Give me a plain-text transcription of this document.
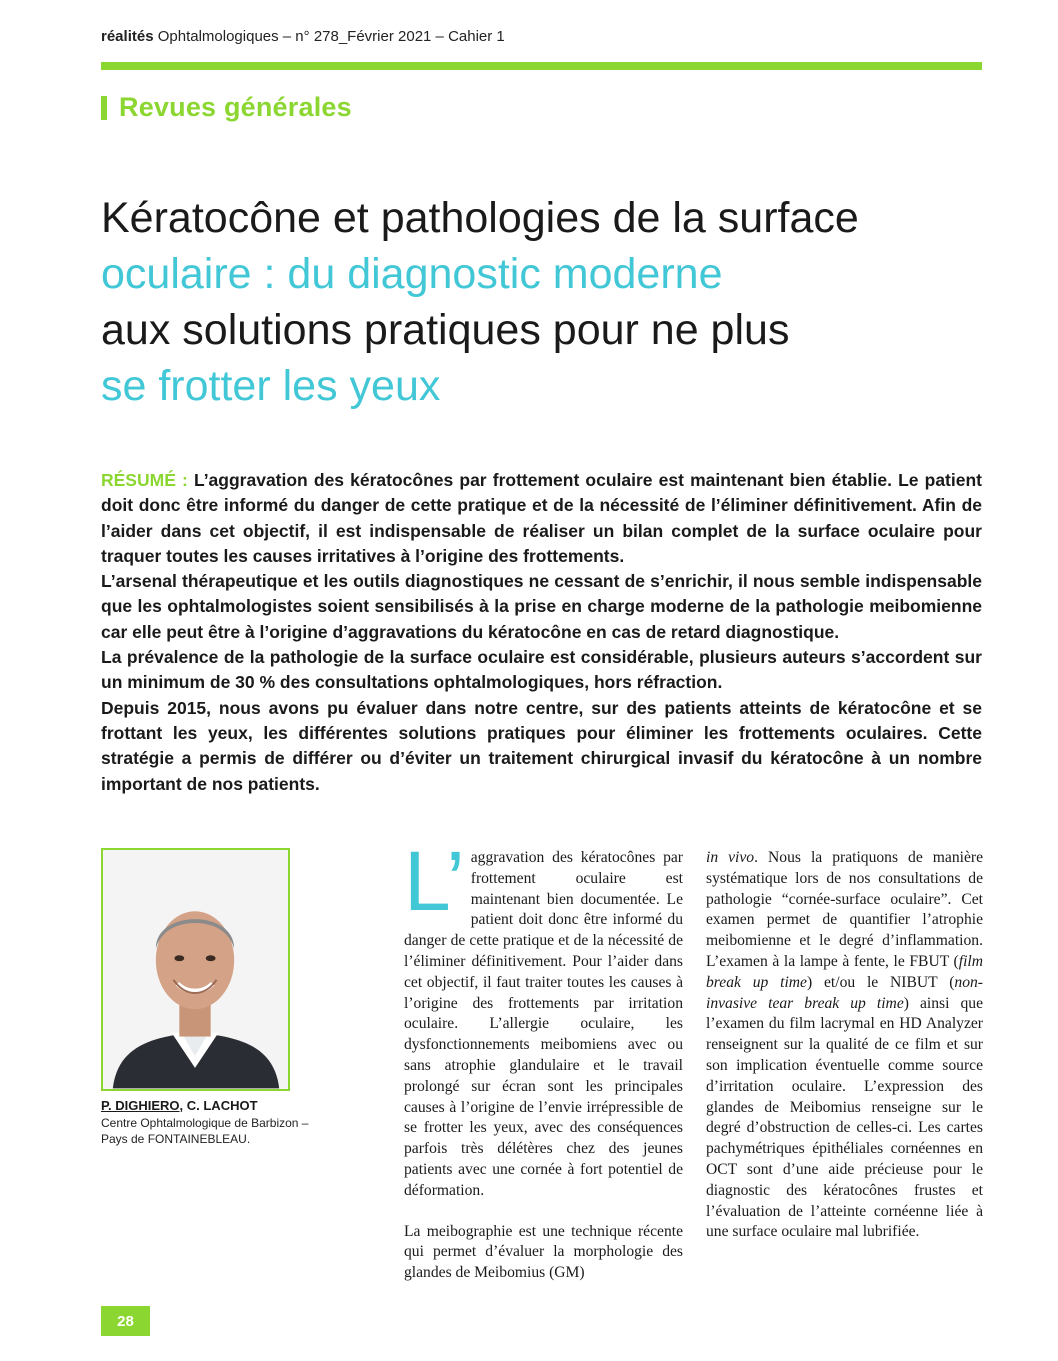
réalités Ophtalmologiques – n° 278_Février 2021 – Cahier 1
Revues générales
Kératocône et pathologies de la surface
oculaire : du diagnostic moderne
aux solutions pratiques pour ne plus
se frotter les yeux

RÉSUMÉ : L’aggravation des kératocônes par frottement oculaire est maintenant bien établie. Le patient doit donc être informé du danger de cette pratique et de la nécessité de l’éliminer définitivement. Afin de l’aider dans cet objectif, il est indispensable de réaliser un bilan complet de la surface oculaire pour traquer toutes les causes irritatives à l’origine des frottements.

L’arsenal thérapeutique et les outils diagnostiques ne cessant de s’enrichir, il nous semble indispensable que les ophtalmologistes soient sensibilisés à la prise en charge moderne de la pathologie meibomienne car elle peut être à l’origine d’aggravations du kératocône en cas de retard diagnostique.

La prévalence de la pathologie de la surface oculaire est considérable, plusieurs auteurs s’accordent sur un minimum de 30 % des consultations ophtalmologiques, hors réfraction.

Depuis 2015, nous avons pu évaluer dans notre centre, sur des patients atteints de kératocône et se frottant les yeux, les différentes solutions pratiques pour éliminer les frottements oculaires. Cette stratégie a permis de différer ou d’éviter un traitement chirurgical invasif du kératocône à un nombre important de nos patients.

P. DIGHIERO, C. LACHOT
Centre Ophtalmologique de Barbizon – Pays de FONTAINEBLEAU.

L’ aggravation des kératocônes par frottement oculaire est maintenant bien documentée. Le patient doit donc être informé du danger de cette pratique et de la nécessité de l’éliminer définitivement. Pour l’aider dans cet objectif, il faut traiter toutes les causes à l’origine des frottements par irritation oculaire. L’allergie oculaire, les dysfonctionnements meibomiens avec ou sans atrophie glandulaire et le travail prolongé sur écran sont les principales causes à l’origine de l’envie irrépressible de se frotter les yeux, avec des conséquences parfois très délétères chez des jeunes patients avec une cornée à fort potentiel de déformation.

La meibographie est une technique récente qui permet d’évaluer la morphologie des glandes de Meibomius (GM)

in vivo. Nous la pratiquons de manière systématique lors de nos consultations de pathologie “cornée-surface oculaire”. Cet examen permet de quantifier l’atrophie meibomienne et le degré d’inflammation. L’examen à la lampe à fente, le FBUT (film break up time) et/ou le NIBUT (non-invasive tear break up time) ainsi que l’examen du film lacrymal en HD Analyzer renseignent sur la qualité de ce film et sur son implication éventuelle comme source d’irritation oculaire. L’expression des glandes de Meibomius renseigne sur le degré d’obstruction de celles-ci. Les cartes pachymétriques épithéliales cornéennes en OCT sont d’une aide précieuse pour le diagnostic des kératocônes frustes et l’évaluation de l’atteinte cornéenne liée à une surface oculaire mal lubrifiée.

28
